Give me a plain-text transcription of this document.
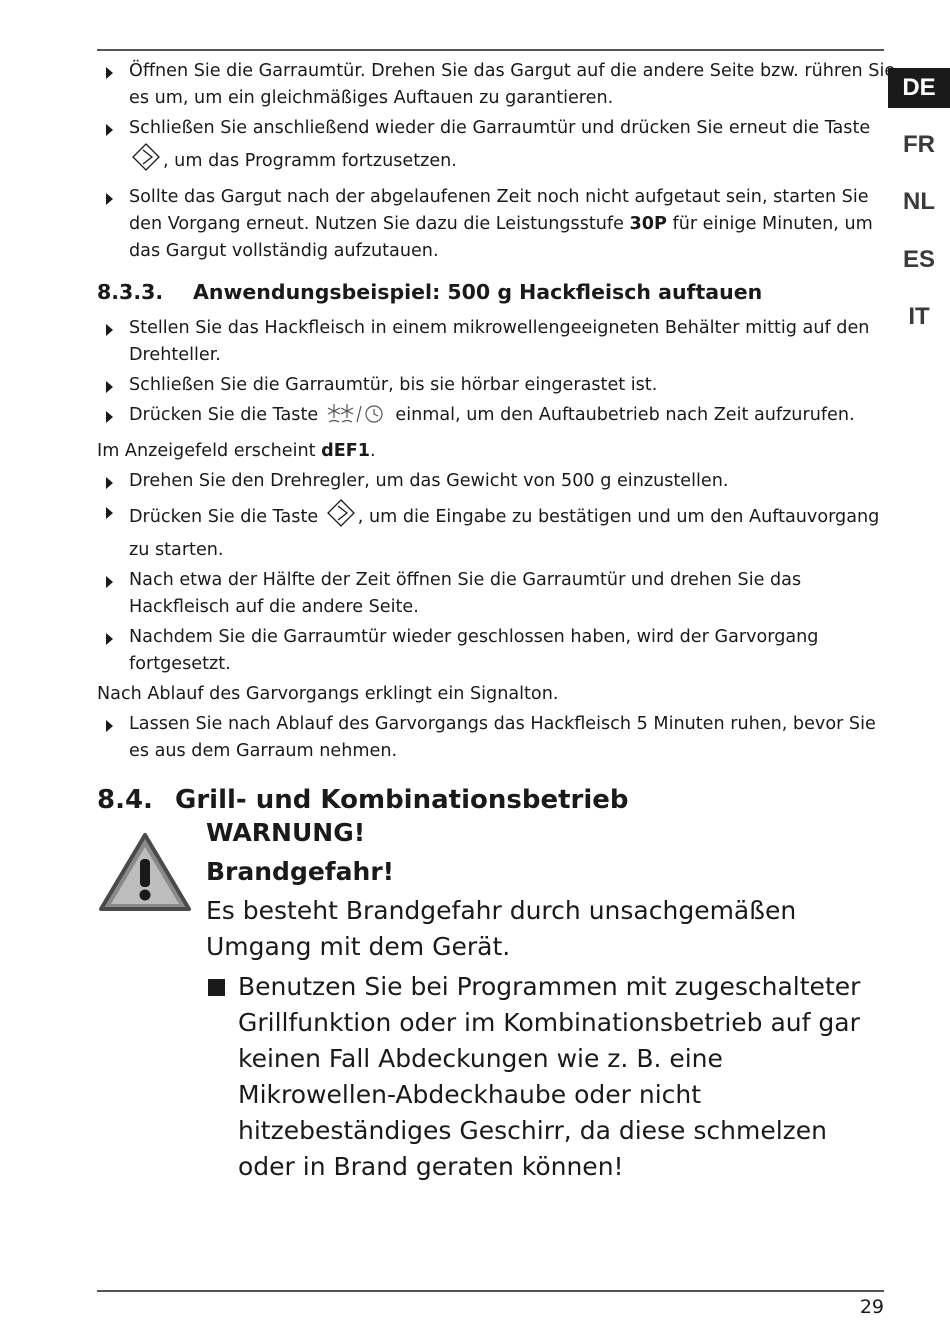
DE
FR
NL
ES
IT
Öffnen Sie die Garraumtür. Drehen Sie das Gargut auf die andere Seite bzw. rühren Sie es um, um ein gleichmäßiges Auftauen zu garantieren.
Schließen Sie anschließend wieder die Garraumtür und drücken Sie erneut die Taste , um das Programm fortzusetzen.
Sollte das Gargut nach der abgelaufenen Zeit noch nicht aufgetaut sein, starten Sie den Vorgang erneut. Nutzen Sie dazu die Leistungsstufe 30P für einige Minuten, um das Gargut vollständig aufzutauen.
8.3.3.	Anwendungsbeispiel: 500 g Hackfleisch auftauen
Stellen Sie das Hackfleisch in einem mikrowellengeeigneten Behälter mittig auf den Drehteller.
Schließen Sie die Garraumtür, bis sie hörbar eingerastet ist.
Drücken Sie die Taste	einmal, um den Auftaubetrieb nach Zeit aufzurufen.
Im Anzeigefeld erscheint dEF1.
Drehen Sie den Drehregler, um das Gewicht von 500 g einzustellen.
Drücken Sie die Taste , um die Eingabe zu bestätigen und um den Auftauvorgang zu starten.
Nach etwa der Hälfte der Zeit öffnen Sie die Garraumtür und drehen Sie das Hackfleisch auf die andere Seite.
Nachdem Sie die Garraumtür wieder geschlossen haben, wird der Garvorgang fortgesetzt.
Nach Ablauf des Garvorgangs erklingt ein Signalton.
Lassen Sie nach Ablauf des Garvorgangs das Hackfleisch 5 Minuten ruhen, bevor Sie es aus dem Garraum nehmen.
8.4. Grill- und Kombinationsbetrieb
WARNUNG!
Brandgefahr!
Es besteht Brandgefahr durch unsachgemäßen Umgang mit dem Gerät.
Benutzen Sie bei Programmen mit zugeschalteter Grillfunktion oder im Kombinationsbetrieb auf gar keinen Fall Abdeckungen wie z. B. eine Mikrowellen-Abdeckhaube oder nicht hitzebeständiges Geschirr, da diese schmelzen oder in Brand geraten können!
29
